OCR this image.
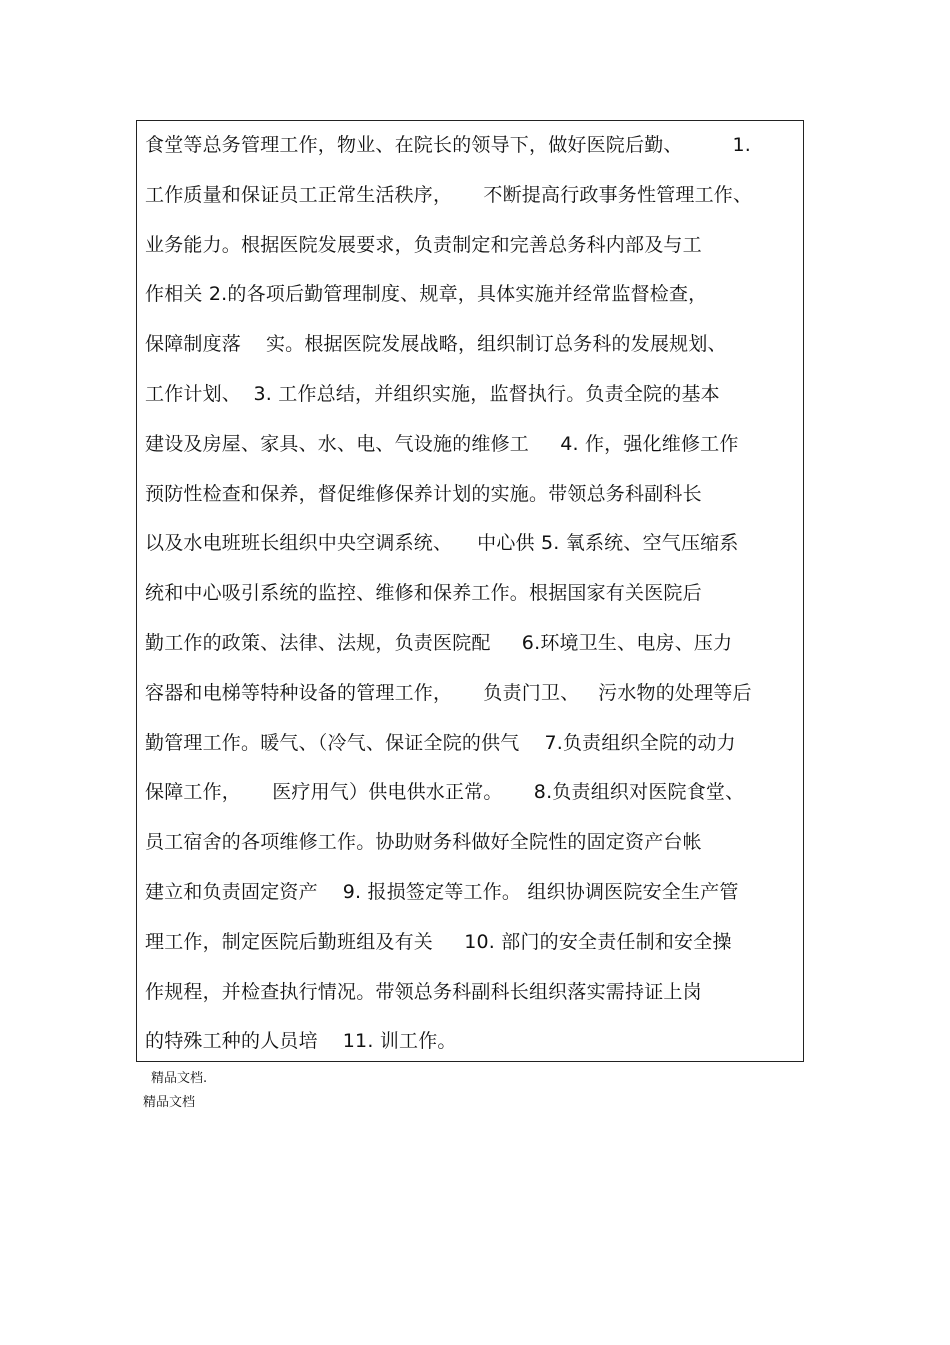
食堂等总务管理工作，物业、在院长的领导下，做好医院后勤、        1.
工作质量和保证员工正常生活秩序，     不断提高行政事务性管理工作、
业务能力。根据医院发展要求，负责制定和完善总务科内部及与工
作相关 2.的各项后勤管理制度、规章，具体实施并经常监督检查，
保障制度落    实。根据医院发展战略，组织制订总务科的发展规划、
工作计划、  3. 工作总结，并组织实施，监督执行。负责全院的基本
建设及房屋、家具、水、电、气设施的维修工     4. 作，强化维修工作
预防性检查和保养，督促维修保养计划的实施。带领总务科副科长
以及水电班班长组织中央空调系统、    中心供 5. 氧系统、空气压缩系
统和中心吸引系统的监控、维修和保养工作。根据国家有关医院后
勤工作的政策、法律、法规，负责医院配     6.环境卫生、电房、压力
容器和电梯等特种设备的管理工作，     负责门卫、   污水物的处理等后
勤管理工作。暖气、（冷气、保证全院的供气    7.负责组织全院的动力
保障工作，     医疗用气）供电供水正常。     8.负责组织对医院食堂、
员工宿舍的各项维修工作。协助财务科做好全院性的固定资产台帐
建立和负责固定资产    9. 报损签定等工作。 组织协调医院安全生产管
理工作，制定医院后勤班组及有关     10. 部门的安全责任制和安全操
作规程，并检查执行情况。带领总务科副科长组织落实需持证上岗
的特殊工种的人员培    11. 训工作。
精品文档.
精品文档
